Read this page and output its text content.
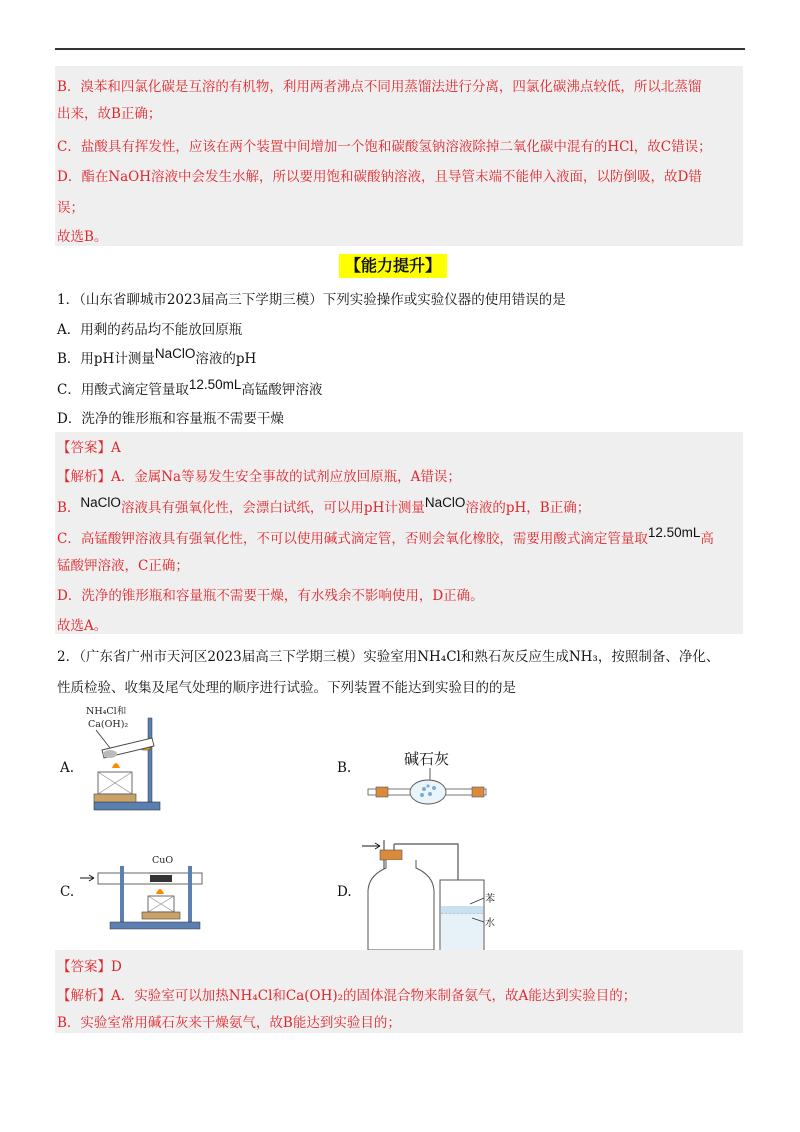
B．溴苯和四氯化碳是互溶的有机物，利用两者沸点不同用蒸馏法进行分离，四氯化碳沸点较低，所以北蒸馏
出来，故B正确；
C．盐酸具有挥发性，应该在两个装置中间增加一个饱和碳酸氢钠溶液除掉二氧化碳中混有的HCl，故C错误；
D．酯在NaOH溶液中会发生水解，所以要用饱和碳酸钠溶液，且导管末端不能伸入液面，以防倒吸，故D错
误；
故选B。
【能力提升】
1．（山东省聊城市2023届高三下学期三模）下列实验操作或实验仪器的使用错误的是
A．用剩的药品均不能放回原瓶
B．用pH计测量NaClO溶液的pH
C．用酸式滴定管量取12.50mL高锰酸钾溶液
D．洗净的锥形瓶和容量瓶不需要干燥
【答案】A
【解析】A．金属Na等易发生安全事故的试剂应放回原瓶，A错误；
B．NaClO溶液具有强氧化性，会漂白试纸，可以用pH计测量NaClO溶液的pH，B正确；
C．高锰酸钾溶液具有强氧化性，不可以使用碱式滴定管，否则会氧化橡胶，需要用酸式滴定管量取12.50mL高
锰酸钾溶液，C正确；
D．洗净的锥形瓶和容量瓶不需要干燥，有水残余不影响使用，D正确。
故选A。
2．（广东省广州市天河区2023届高三下学期三模）实验室用NH₄Cl和熟石灰反应生成NH₃，按照制备、净化、
性质检验、收集及尾气处理的顺序进行试验。下列装置不能达到实验目的的是
A.	B.
C.	D.
NH₄Cl和
Ca(OH)₂
碱石灰
CuO
苯
水
【答案】D
【解析】A．实验室可以加热NH₄Cl和Ca(OH)₂的固体混合物来制备氨气，故A能达到实验目的；
B．实验室常用碱石灰来干燥氨气，故B能达到实验目的；
